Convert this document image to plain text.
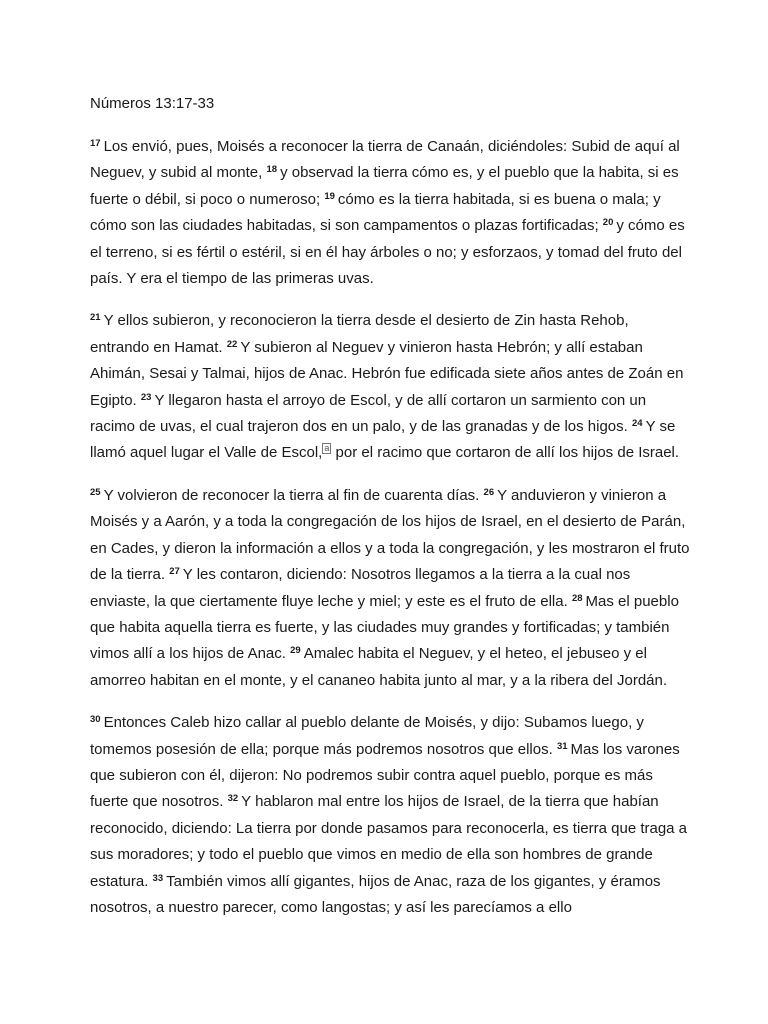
Números 13:17-33

$^{17}$ Los envió, pues, Moisés a reconocer la tierra de Canaán, diciéndoles: Subid de aquí al Neguev, y subid al monte, $^{18}$ y observad la tierra cómo es, y el pueblo que la habita, si es fuerte o débil, si poco o numeroso; $^{19}$ cómo es la tierra habitada, si es buena o mala; y cómo son las ciudades habitadas, si son campamentos o plazas fortificadas; $^{20}$ y cómo es el terreno, si es fértil o estéril, si en él hay árboles o no; y esforzaos, y tomad del fruto del país. Y era el tiempo de las primeras uvas.

$^{21}$ Y ellos subieron, y reconocieron la tierra desde el desierto de Zin hasta Rehob, entrando en Hamat. $^{22}$ Y subieron al Neguev y vinieron hasta Hebrón; y allí estaban Ahimán, Sesai y Talmai, hijos de Anac. Hebrón fue edificada siete años antes de Zoán en Egipto. $^{23}$ Y llegaron hasta el arroyo de Escol, y de allí cortaron un sarmiento con un racimo de uvas, el cual trajeron dos en un palo, y de las granadas y de los higos. $^{24}$ Y se llamó aquel lugar el Valle de Escol, $^a$ por el racimo que cortaron de allí los hijos de Israel.

$^{25}$ Y volvieron de reconocer la tierra al fin de cuarenta días. $^{26}$ Y anduvieron y vinieron a Moisés y a Aarón, y a toda la congregación de los hijos de Israel, en el desierto de Parán, en Cades, y dieron la información a ellos y a toda la congregación, y les mostraron el fruto de la tierra. $^{27}$ Y les contaron, diciendo: Nosotros llegamos a la tierra a la cual nos enviaste, la que ciertamente fluye leche y miel; y este es el fruto de ella. $^{28}$ Mas el pueblo que habita aquella tierra es fuerte, y las ciudades muy grandes y fortificadas; y también vimos allí a los hijos de Anac. $^{29}$ Amalec habita el Neguev, y el heteo, el jebuseo y el amorreo habitan en el monte, y el cananeo habita junto al mar, y a la ribera del Jordán.

$^{30}$ Entonces Caleb hizo callar al pueblo delante de Moisés, y dijo: Subamos luego, y tomemos posesión de ella; porque más podremos nosotros que ellos. $^{31}$ Mas los varones que subieron con él, dijeron: No podremos subir contra aquel pueblo, porque es más fuerte que nosotros. $^{32}$ Y hablaron mal entre los hijos de Israel, de la tierra que habían reconocido, diciendo: La tierra por donde pasamos para reconocerla, es tierra que traga a sus moradores; y todo el pueblo que vimos en medio de ella son hombres de grande estatura. $^{33}$ También vimos allí gigantes, hijos de Anac, raza de los gigantes, y éramos nosotros, a nuestro parecer, como langostas; y así les parecíamos a ello
